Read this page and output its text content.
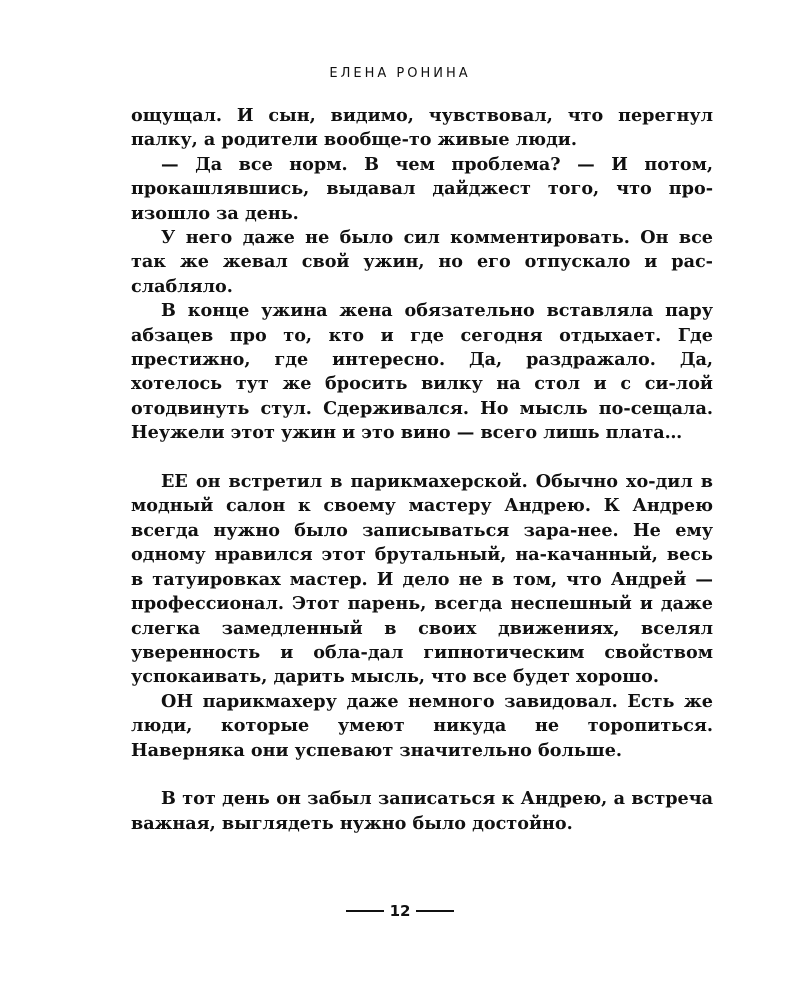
ЕЛЕНА РОНИНА

ощущал. И сын, видимо, чувствовал, что перегнул палку, а родители вообще-то живые люди.

— Да все норм. В чем проблема? — И потом, прокашлявшись, выдавал дайджест того, что про-изошло за день.

У него даже не было сил комментировать. Он все так же жевал свой ужин, но его отпускало и рас-слабляло.

В конце ужина жена обязательно вставляла пару абзацев про то, кто и где сегодня отдыхает. Где престижно, где интересно. Да, раздражало. Да, хотелось тут же бросить вилку на стол и с си-лой отодвинуть стул. Сдерживался. Но мысль по-сещала. Неужели этот ужин и это вино — всего лишь плата…

ЕЕ он встретил в парикмахерской. Обычно хо-дил в модный салон к своему мастеру Андрею. К Андрею всегда нужно было записываться зара-нее. Не ему одному нравился этот брутальный, на-качанный, весь в татуировках мастер. И дело не в том, что Андрей — профессионал. Этот парень, всегда неспешный и даже слегка замедленный в своих движениях, вселял уверенность и обла-дал гипнотическим свойством успокаивать, дарить мысль, что все будет хорошо.

ОН парикмахеру даже немного завидовал. Есть же люди, которые умеют никуда не торопиться. Наверняка они успевают значительно больше.

В тот день он забыл записаться к Андрею, а встреча важная, выглядеть нужно было достойно.

12
